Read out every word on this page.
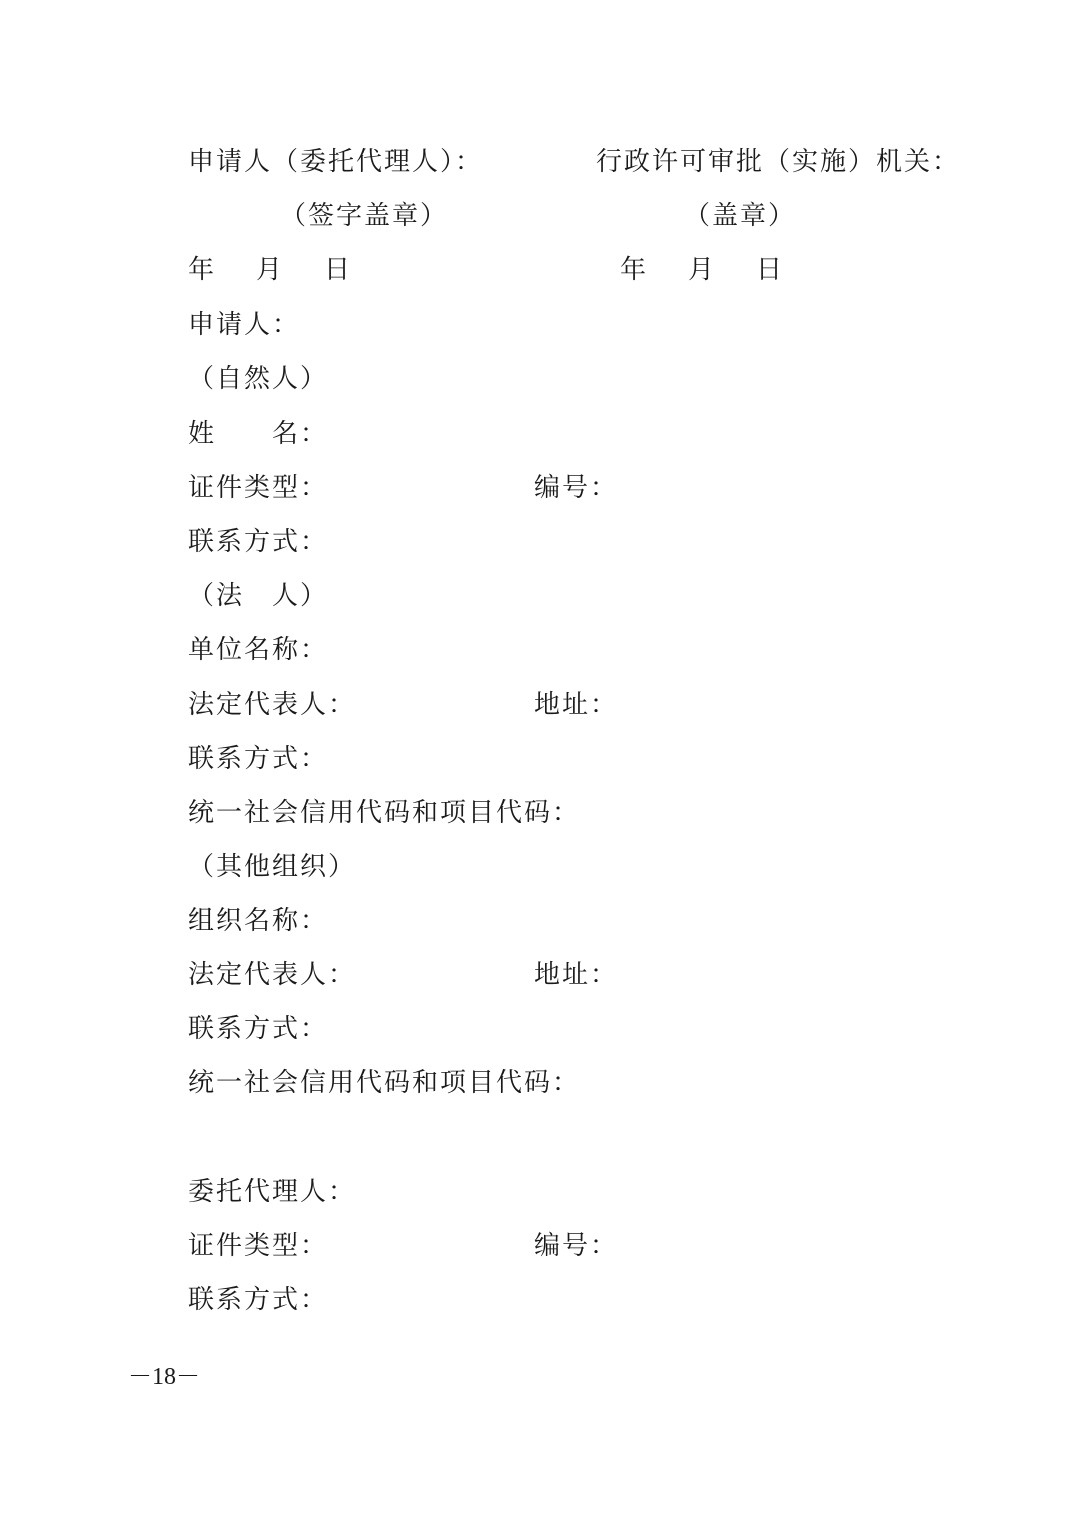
申请人（委托代理人）：	行政许可审批（实施）机关：
（签字盖章）	（盖章）
年　月　日	年　月　日
申请人：
（自然人）
姓　　名：
证件类型：	编号：
联系方式：
（法　人）
单位名称：
法定代表人：	地址：
联系方式：
统一社会信用代码和项目代码：
（其他组织）
组织名称：
法定代表人：	地址：
联系方式：
统一社会信用代码和项目代码：
委托代理人：
证件类型：	编号：
联系方式：
－18－
